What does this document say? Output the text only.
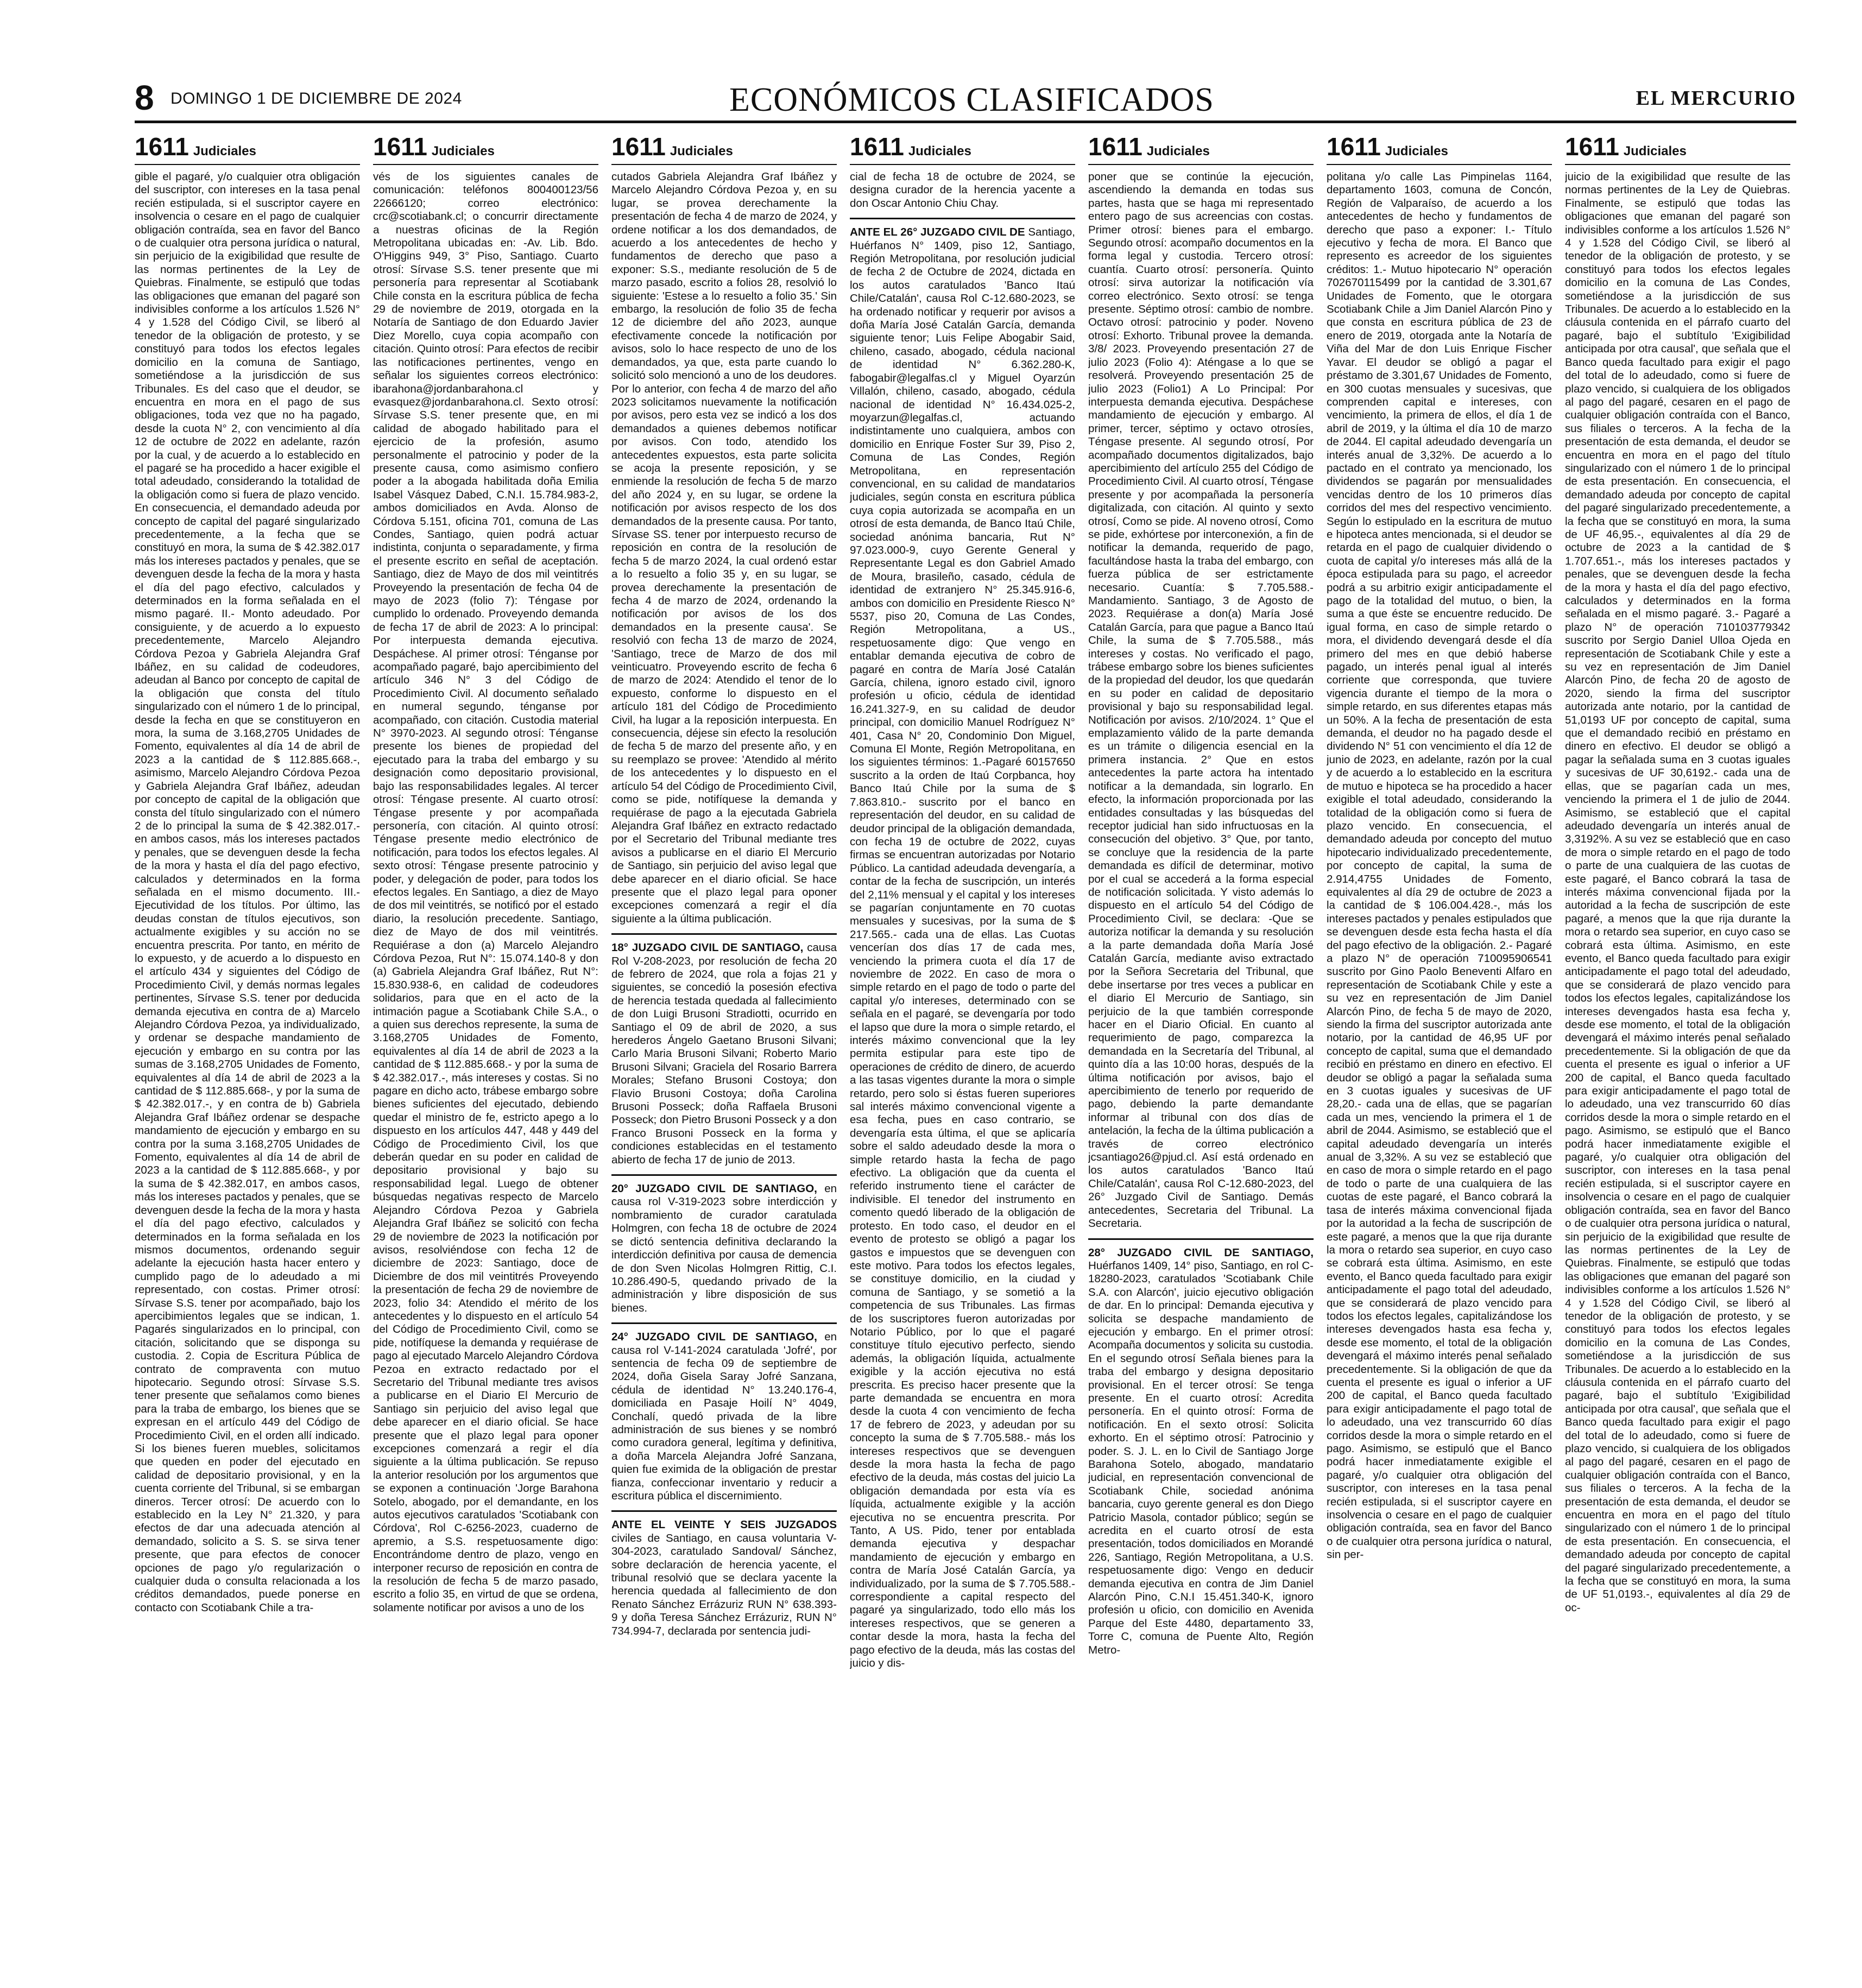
8 DOMINGO 1 DE DICIEMBRE DE 2024	ECONÓMICOS CLASIFICADOS	EL MERCURIO
1611 Judiciales

gible el pagaré, y/o cualquier otra obligación del suscriptor, con intereses en la tasa penal recién estipulada, si el suscriptor cayere en insolvencia o cesare en el pago de cualquier obligación contraída, sea en favor del Banco o de cualquier otra persona jurídica o natural, sin perjuicio de la exigibilidad que resulte de las normas pertinentes de la Ley de Quiebras. Finalmente, se estipuló que todas las obligaciones que emanan del pagaré son indivisibles conforme a los artículos 1.526 N° 4 y 1.528 del Código Civil, se liberó al tenedor de la obligación de protesto, y se constituyó para todos los efectos legales domicilio en la comuna de Santiago, sometiéndose a la jurisdicción de sus Tribunales. Es del caso que el deudor, se encuentra en mora en el pago de sus obligaciones, toda vez que no ha pagado, desde la cuota N° 2, con vencimiento al día 12 de octubre de 2022 en adelante, razón por la cual, y de acuerdo a lo establecido en el pagaré se ha procedido a hacer exigible el total adeudado, considerando la totalidad de la obligación como si fuera de plazo vencido. En consecuencia, el demandado adeuda por concepto de capital del pagaré singularizado precedentemente, a la fecha que se constituyó en mora, la suma de $ 42.382.017 más los intereses pactados y penales, que se devenguen desde la fecha de la mora y hasta el día del pago efectivo, calculados y determinados en la forma señalada en el mismo pagaré. II.- Monto adeudado. Por consiguiente, y de acuerdo a lo expuesto precedentemente, Marcelo Alejandro Córdova Pezoa y Gabriela Alejandra Graf Ibáñez, en su calidad de codeudores, adeudan al Banco por concepto de capital de la obligación que consta del título singularizado con el número 1 de lo principal, desde la fecha en que se constituyeron en mora, la suma de 3.168,2705 Unidades de Fomento, equivalentes al día 14 de abril de 2023 a la cantidad de $ 112.885.668.-, asimismo, Marcelo Alejandro Córdova Pezoa y Gabriela Alejandra Graf Ibáñez, adeudan por concepto de capital de la obligación que consta del título singularizado con el número 2 de lo principal la suma de $ 42.382.017.- en ambos casos, más los intereses pactados y penales, que se devenguen desde la fecha de la mora y hasta el día del pago efectivo, calculados y determinados en la forma señalada en el mismo documento. III.- Ejecutividad de los títulos. Por último, las deudas constan de títulos ejecutivos, son actualmente exigibles y su acción no se encuentra prescrita. Por tanto, en mérito de lo expuesto, y de acuerdo a lo dispuesto en el artículo 434 y siguientes del Código de Procedimiento Civil, y demás normas legales pertinentes, Sírvase S.S. tener por deducida demanda ejecutiva en contra de a) Marcelo Alejandro Córdova Pezoa, ya individualizado, y ordenar se despache mandamiento de ejecución y embargo en su contra por las sumas de 3.168,2705 Unidades de Fomento, equivalentes al día 14 de abril de 2023 a la cantidad de $ 112.885.668-, y por la suma de $ 42.382.017.-, y en contra de b) Gabriela Alejandra Graf Ibáñez ordenar se despache mandamiento de ejecución y embargo en su contra por la suma 3.168,2705 Unidades de Fomento, equivalentes al día 14 de abril de 2023 a la cantidad de $ 112.885.668-, y por la suma de $ 42.382.017, en ambos casos, más los intereses pactados y penales, que se devenguen desde la fecha de la mora y hasta el día del pago efectivo, calculados y determinados en la forma señalada en los mismos documentos, ordenando seguir adelante la ejecución hasta hacer entero y cumplido pago de lo adeudado a mi representado, con costas. Primer otrosí: Sírvase S.S. tener por acompañado, bajo los apercibimientos legales que se indican, 1. Pagarés singularizados en lo principal, con citación, solicitando que se disponga su custodia. 2. Copia de Escritura Pública de contrato de compraventa con mutuo hipotecario. Segundo otrosí: Sírvase S.S. tener presente que señalamos como bienes para la traba de embargo, los bienes que se expresan en el artículo 449 del Código de Procedimiento Civil, en el orden allí indicado. Si los bienes fueren muebles, solicitamos que queden en poder del ejecutado en calidad de depositario provisional, y en la cuenta corriente del Tribunal, si se embargan dineros. Tercer otrosí: De acuerdo con lo establecido en la Ley N° 21.320, y para efectos de dar una adecuada atención al demandado, solicito a S. S. se sirva tener presente, que para efectos de conocer opciones de pago y/o regularización o cualquier duda o consulta relacionada a los créditos demandados, puede ponerse en contacto con Scotiabank Chile a tra-

1611 Judiciales

vés de los siguientes canales de comunicación: teléfonos 800400123/56 22666120; correo electrónico: crc@scotiabank.cl; o concurrir directamente a nuestras oficinas de la Región Metropolitana ubicadas en: -Av. Lib. Bdo. O'Higgins 949, 3° Piso, Santiago. Cuarto otrosí: Sírvase S.S. tener presente que mi personería para representar al Scotiabank Chile consta en la escritura pública de fecha 29 de noviembre de 2019, otorgada en la Notaría de Santiago de don Eduardo Javier Diez Morello, cuya copia acompaño con citación. Quinto otrosí: Para efectos de recibir las notificaciones pertinentes, vengo en señalar los siguientes correos electrónico: ibarahona@jordanbarahona.cl y evasquez@jordanbarahona.cl. Sexto otrosí: Sírvase S.S. tener presente que, en mi calidad de abogado habilitado para el ejercicio de la profesión, asumo personalmente el patrocinio y poder de la presente causa, como asimismo confiero poder a la abogada habilitada doña Emilia Isabel Vásquez Dabed, C.N.I. 15.784.983-2, ambos domiciliados en Avda. Alonso de Córdova 5.151, oficina 701, comuna de Las Condes, Santiago, quien podrá actuar indistinta, conjunta o separadamente, y firma el presente escrito en señal de aceptación. Santiago, diez de Mayo de dos mil veintitrés Proveyendo la presentación de fecha 04 de mayo de 2023 (folio 7): Téngase por cumplido lo ordenado. Proveyendo demanda de fecha 17 de abril de 2023: A lo principal: Por interpuesta demanda ejecutiva. Despáchese. Al primer otrosí: Ténganse por acompañado pagaré, bajo apercibimiento del artículo 346 N° 3 del Código de Procedimiento Civil. Al documento señalado en numeral segundo, ténganse por acompañado, con citación. Custodia material N° 3970-2023. Al segundo otrosí: Ténganse presente los bienes de propiedad del ejecutado para la traba del embargo y su designación como depositario provisional, bajo las responsabilidades legales. Al tercer otrosí: Téngase presente. Al cuarto otrosí: Téngase presente y por acompañada personería, con citación. Al quinto otrosí: Téngase presente medio electrónico de notificación, para todos los efectos legales. Al sexto otrosí: Téngase presente patrocinio y poder, y delegación de poder, para todos los efectos legales. En Santiago, a diez de Mayo de dos mil veintitrés, se notificó por el estado diario, la resolución precedente. Santiago, diez de Mayo de dos mil veintitrés. Requiérase a don (a) Marcelo Alejandro Córdova Pezoa, Rut N°: 15.074.140-8 y don (a) Gabriela Alejandra Graf Ibáñez, Rut N°: 15.830.938-6, en calidad de codeudores solidarios, para que en el acto de la intimación pague a Scotiabank Chile S.A., o a quien sus derechos represente, la suma de 3.168,2705 Unidades de Fomento, equivalentes al día 14 de abril de 2023 a la cantidad de $ 112.885.668.- y por la suma de $ 42.382.017.-, más intereses y costas. Si no pagare en dicho acto, trábese embargo sobre bienes suficientes del ejecutado, debiendo quedar el ministro de fe, estricto apego a lo dispuesto en los artículos 447, 448 y 449 del Código de Procedimiento Civil, los que deberán quedar en su poder en calidad de depositario provisional y bajo su responsabilidad legal. Luego de obtener búsquedas negativas respecto de Marcelo Alejandro Córdova Pezoa y Gabriela Alejandra Graf Ibáñez se solicitó con fecha 29 de noviembre de 2023 la notificación por avisos, resolviéndose con fecha 12 de diciembre de 2023: Santiago, doce de Diciembre de dos mil veintitrés Proveyendo la presentación de fecha 29 de noviembre de 2023, folio 34: Atendido el mérito de los antecedentes y lo dispuesto en el artículo 54 del Código de Procedimiento Civil, como se pide, notifíquese la demanda y requiérase de pago al ejecutado Marcelo Alejandro Córdova Pezoa en extracto redactado por el Secretario del Tribunal mediante tres avisos a publicarse en el Diario El Mercurio de Santiago sin perjuicio del aviso legal que debe aparecer en el diario oficial. Se hace presente que el plazo legal para oponer excepciones comenzará a regir el día siguiente a la última publicación. Se repuso la anterior resolución por los argumentos que se exponen a continuación 'Jorge Barahona Sotelo, abogado, por el demandante, en los autos ejecutivos caratulados 'Scotiabank con Córdova', Rol C-6256-2023, cuaderno de apremio, a S.S. respetuosamente digo: Encontrándome dentro de plazo, vengo en interponer recurso de reposición en contra de la resolución de fecha 5 de marzo pasado, escrito a folio 35, en virtud de que se ordena, solamente notificar por avisos a uno de los

1611 Judiciales

cutados Gabriela Alejandra Graf Ibáñez y Marcelo Alejandro Córdova Pezoa y, en su lugar, se provea derechamente la presentación de fecha 4 de marzo de 2024, y ordene notificar a los dos demandados, de acuerdo a los antecedentes de hecho y fundamentos de derecho que paso a exponer: S.S., mediante resolución de 5 de marzo pasado, escrito a folios 28, resolvió lo siguiente: 'Estese a lo resuelto a folio 35.' Sin embargo, la resolución de folio 35 de fecha 12 de diciembre del año 2023, aunque efectivamente concede la notificación por avisos, solo lo hace respecto de uno de los demandados, ya que, esta parte cuando lo solicitó solo mencionó a uno de los deudores. Por lo anterior, con fecha 4 de marzo del año 2023 solicitamos nuevamente la notificación por avisos, pero esta vez se indicó a los dos demandados a quienes debemos notificar por avisos. Con todo, atendido los antecedentes expuestos, esta parte solicita se acoja la presente reposición, y se enmiende la resolución de fecha 5 de marzo del año 2024 y, en su lugar, se ordene la notificación por avisos respecto de los dos demandados de la presente causa. Por tanto, Sírvase SS. tener por interpuesto recurso de reposición en contra de la resolución de fecha 5 de marzo 2024, la cual ordenó estar a lo resuelto a folio 35 y, en su lugar, se provea derechamente la presentación de fecha 4 de marzo de 2024, ordenando la notificación por avisos de los dos demandados en la presente causa'. Se resolvió con fecha 13 de marzo de 2024, 'Santiago, trece de Marzo de dos mil veinticuatro. Proveyendo escrito de fecha 6 de marzo de 2024: Atendido el tenor de lo expuesto, conforme lo dispuesto en el artículo 181 del Código de Procedimiento Civil, ha lugar a la reposición interpuesta. En consecuencia, déjese sin efecto la resolución de fecha 5 de marzo del presente año, y en su reemplazo se provee: 'Atendido al mérito de los antecedentes y lo dispuesto en el artículo 54 del Código de Procedimiento Civil, como se pide, notifíquese la demanda y requiérase de pago a la ejecutada Gabriela Alejandra Graf Ibáñez en extracto redactado por el Secretario del Tribunal mediante tres avisos a publicarse en el diario El Mercurio de Santiago, sin perjuicio del aviso legal que debe aparecer en el diario oficial. Se hace presente que el plazo legal para oponer excepciones comenzará a regir el día siguiente a la última publicación.

18° JUZGADO CIVIL DE SANTIAGO, causa Rol V-208-2023, por resolución de fecha 20 de febrero de 2024, que rola a fojas 21 y siguientes, se concedió la posesión efectiva de herencia testada quedada al fallecimiento de don Luigi Brusoni Stradiotti, ocurrido en Santiago el 09 de abril de 2020, a sus herederos Ángelo Gaetano Brusoni Silvani; Carlo Maria Brusoni Silvani; Roberto Mario Brusoni Silvani; Graciela del Rosario Barrera Morales; Stefano Brusoni Costoya; don Flavio Brusoni Costoya; doña Carolina Brusoni Posseck; doña Raffaela Brusoni Posseck; don Pietro Brusoni Posseck y a don Franco Brusoni Posseck en la forma y condiciones establecidas en el testamento abierto de fecha 17 de junio de 2013.

20° JUZGADO CIVIL DE SANTIAGO, en causa rol V-319-2023 sobre interdicción y nombramiento de curador caratulada Holmgren, con fecha 18 de octubre de 2024 se dictó sentencia definitiva declarando la interdicción definitiva por causa de demencia de don Sven Nicolas Holmgren Rittig, C.I. 10.286.490-5, quedando privado de la administración y libre disposición de sus bienes.

24° JUZGADO CIVIL DE SANTIAGO, en causa rol V-141-2024 caratulada 'Jofré', por sentencia de fecha 09 de septiembre de 2024, doña Gisela Saray Jofré Sanzana, cédula de identidad N° 13.240.176-4, domiciliada en Pasaje Hoilí N° 4049, Conchalí, quedó privada de la libre administración de sus bienes y se nombró como curadora general, legítima y definitiva, a doña Marcela Alejandra Jofré Sanzana, quien fue eximida de la obligación de prestar fianza, confeccionar inventario y reducir a escritura pública el discernimiento.

ANTE EL VEINTE Y SEIS JUZGADOS civiles de Santiago, en causa voluntaria V-304-2023, caratulado Sandoval/ Sánchez, sobre declaración de herencia yacente, el tribunal resolvió que se declara yacente la herencia quedada al fallecimiento de don Renato Sánchez Errázuriz RUN N° 638.393-9 y doña Teresa Sánchez Errázuriz, RUN N° 734.994-7, declarada por sentencia judi-

1611 Judiciales

cial de fecha 18 de octubre de 2024, se designa curador de la herencia yacente a don Oscar Antonio Chiu Chay.

ANTE EL 26° JUZGADO CIVIL DE Santiago, Huérfanos N° 1409, piso 12, Santiago, Región Metropolitana, por resolución judicial de fecha 2 de Octubre de 2024, dictada en los autos caratulados 'Banco Itaú Chile/Catalán', causa Rol C-12.680-2023, se ha ordenado notificar y requerir por avisos a doña María José Catalán García, demanda siguiente tenor; Luis Felipe Abogabir Said, chileno, casado, abogado, cédula nacional de identidad N° 6.362.280-K, fabogabir@legalfas.cl y Miguel Oyarzún Villalón, chileno, casado, abogado, cédula nacional de identidad N° 16.434.025-2, moyarzun@legalfas.cl, actuando indistintamente uno cualquiera, ambos con domicilio en Enrique Foster Sur 39, Piso 2, Comuna de Las Condes, Región Metropolitana, en representación convencional, en su calidad de mandatarios judiciales, según consta en escritura pública cuya copia autorizada se acompaña en un otrosí de esta demanda, de Banco Itaú Chile, sociedad anónima bancaria, Rut N° 97.023.000-9, cuyo Gerente General y Representante Legal es don Gabriel Amado de Moura, brasileño, casado, cédula de identidad de extranjero N° 25.345.916-6, ambos con domicilio en Presidente Riesco N° 5537, piso 20, Comuna de Las Condes, Región Metropolitana, a US., respetuosamente digo: Que vengo en entablar demanda ejecutiva de cobro de pagaré en contra de María José Catalán García, chilena, ignoro estado civil, ignoro profesión u oficio, cédula de identidad 16.241.327-9, en su calidad de deudor principal, con domicilio Manuel Rodríguez N° 401, Casa N° 20, Condominio Don Miguel, Comuna El Monte, Región Metropolitana, en los siguientes términos: 1.-Pagaré 60157650 suscrito a la orden de Itaú Corpbanca, hoy Banco Itaú Chile por la suma de $ 7.863.810.- suscrito por el banco en representación del deudor, en su calidad de deudor principal de la obligación demandada, con fecha 19 de octubre de 2022, cuyas firmas se encuentran autorizadas por Notario Público. La cantidad adeudada devengaría, a contar de la fecha de suscripción, un interés del 2,11% mensual y el capital y los intereses se pagarían conjuntamente en 70 cuotas mensuales y sucesivas, por la suma de $ 217.565.- cada una de ellas. Las Cuotas vencerían dos días 17 de cada mes, venciendo la primera cuota el día 17 de noviembre de 2022. En caso de mora o simple retardo en el pago de todo o parte del capital y/o intereses, determinado con se señala en el pagaré, se devengaría por todo el lapso que dure la mora o simple retardo, el interés máximo convencional que la ley permita estipular para este tipo de operaciones de crédito de dinero, de acuerdo a las tasas vigentes durante la mora o simple retardo, pero solo si éstas fueren superiores sal interés máximo convencional vigente a esa fecha, pues en caso contrario, se devengaría esta última, el que se aplicaría sobre el saldo adeudado desde la mora o simple retardo hasta la fecha de pago efectivo. La obligación que da cuenta el referido instrumento tiene el carácter de indivisible. El tenedor del instrumento en comento quedó liberado de la obligación de protesto. En todo caso, el deudor en el evento de protesto se obligó a pagar los gastos e impuestos que se devenguen con este motivo. Para todos los efectos legales, se constituye domicilio, en la ciudad y comuna de Santiago, y se sometió a la competencia de sus Tribunales. Las firmas de los suscriptores fueron autorizadas por Notario Público, por lo que el pagaré constituye título ejecutivo perfecto, siendo además, la obligación líquida, actualmente exigible y la acción ejecutiva no está prescrita. Es preciso hacer presente que la parte demandada se encuentra en mora desde la cuota 4 con vencimiento de fecha 17 de febrero de 2023, y adeudan por su concepto la suma de $ 7.705.588.- más los intereses respectivos que se devenguen desde la mora hasta la fecha de pago efectivo de la deuda, más costas del juicio La obligación demandada por esta vía es líquida, actualmente exigible y la acción ejecutiva no se encuentra prescrita. Por Tanto, A US. Pido, tener por entablada demanda ejecutiva y despachar mandamiento de ejecución y embargo en contra de María José Catalán García, ya individualizado, por la suma de $ 7.705.588.- correspondiente a capital respecto del pagaré ya singularizado, todo ello más los intereses respectivos, que se generen a contar desde la mora, hasta la fecha del pago efectivo de la deuda, más las costas del juicio y dis-

1611 Judiciales

poner que se continúe la ejecución, ascendiendo la demanda en todas sus partes, hasta que se haga mi representado entero pago de sus acreencias con costas. Primer otrosí: bienes para el embargo. Segundo otrosí: acompaño documentos en la forma legal y custodia. Tercero otrosí: cuantía. Cuarto otrosí: personería. Quinto otrosí: sirva autorizar la notificación vía correo electrónico. Sexto otrosí: se tenga presente. Séptimo otrosí: cambio de nombre. Octavo otrosí: patrocinio y poder. Noveno otrosí: Exhorto. Tribunal provee la demanda. 3/8/ 2023. Proveyendo presentación 27 de julio 2023 (Folio 4): Aténgase a lo que se resolverá. Proveyendo presentación 25 de julio 2023 (Folio1) A Lo Principal: Por interpuesta demanda ejecutiva. Despáchese mandamiento de ejecución y embargo. Al primer, tercer, séptimo y octavo otrosíes, Téngase presente. Al segundo otrosí, Por acompañado documentos digitalizados, bajo apercibimiento del artículo 255 del Código de Procedimiento Civil. Al cuarto otrosí, Téngase presente y por acompañada la personería digitalizada, con citación. Al quinto y sexto otrosí, Como se pide. Al noveno otrosí, Como se pide, exhórtese por interconexión, a fin de notificar la demanda, requerido de pago, facultándose hasta la traba del embargo, con fuerza pública de ser estrictamente necesario. Cuantía: $ 7.705.588.- Mandamiento. Santiago, 3 de Agosto de 2023. Requiérase a don(a) María José Catalán García, para que pague a Banco Itaú Chile, la suma de $ 7.705.588., más intereses y costas. No verificado el pago, trábese embargo sobre los bienes suficientes de la propiedad del deudor, los que quedarán en su poder en calidad de depositario provisional y bajo su responsabilidad legal. Notificación por avisos. 2/10/2024. 1° Que el emplazamiento válido de la parte demanda es un trámite o diligencia esencial en la primera instancia. 2° Que en estos antecedentes la parte actora ha intentado notificar a la demandada, sin lograrlo. En efecto, la información proporcionada por las entidades consultadas y las búsquedas del receptor judicial han sido infructuosas en la consecución del objetivo. 3° Que, por tanto, se concluye que la residencia de la parte demandada es difícil de determinar, motivo por el cual se accederá a la forma especial de notificación solicitada. Y visto además lo dispuesto en el artículo 54 del Código de Procedimiento Civil, se declara: -Que se autoriza notificar la demanda y su resolución a la parte demandada doña María José Catalán García, mediante aviso extractado por la Señora Secretaria del Tribunal, que debe insertarse por tres veces a publicar en el diario El Mercurio de Santiago, sin perjuicio de la que también corresponde hacer en el Diario Oficial. En cuanto al requerimiento de pago, comparezca la demandada en la Secretaría del Tribunal, al quinto día a las 10:00 horas, después de la última notificación por avisos, bajo el apercibimiento de tenerlo por requerido de pago, debiendo la parte demandante informar al tribunal con dos días de antelación, la fecha de la última publicación a través de correo electrónico jcsantiago26@pjud.cl. Así está ordenado en los autos caratulados 'Banco Itaú Chile/Catalán', causa Rol C-12.680-2023, del 26° Juzgado Civil de Santiago. Demás antecedentes, Secretaria del Tribunal. La Secretaria.

28° JUZGADO CIVIL DE SANTIAGO, Huérfanos 1409, 14° piso, Santiago, en rol C-18280-2023, caratulados 'Scotiabank Chile S.A. con Alarcón', juicio ejecutivo obligación de dar. En lo principal: Demanda ejecutiva y solicita se despache mandamiento de ejecución y embargo. En el primer otrosí: Acompaña documentos y solicita su custodia. En el segundo otrosí Señala bienes para la traba del embargo y designa depositario provisional. En el tercer otrosí: Se tenga presente. En el cuarto otrosí: Acredita personería. En el quinto otrosí: Forma de notificación. En el sexto otrosí: Solicita exhorto. En el séptimo otrosí: Patrocinio y poder. S. J. L. en lo Civil de Santiago Jorge Barahona Sotelo, abogado, mandatario judicial, en representación convencional de Scotiabank Chile, sociedad anónima bancaria, cuyo gerente general es don Diego Patricio Masola, contador público; según se acredita en el cuarto otrosí de esta presentación, todos domiciliados en Morandé 226, Santiago, Región Metropolitana, a U.S. respetuosamente digo: Vengo en deducir demanda ejecutiva en contra de Jim Daniel Alarcón Pino, C.N.I 15.451.340-K, ignoro profesión u oficio, con domicilio en Avenida Parque del Este 4480, departamento 33, Torre C, comuna de Puente Alto, Región Metro-

1611 Judiciales

politana y/o calle Las Pimpinelas 1164, departamento 1603, comuna de Concón, Región de Valparaíso, de acuerdo a los antecedentes de hecho y fundamentos de derecho que paso a exponer: I.- Título ejecutivo y fecha de mora. El Banco que represento es acreedor de los siguientes créditos: 1.- Mutuo hipotecario N° operación 702670115499 por la cantidad de 3.301,67 Unidades de Fomento, que le otorgara Scotiabank Chile a Jim Daniel Alarcón Pino y que consta en escritura pública de 23 de enero de 2019, otorgada ante la Notaría de Viña del Mar de don Luis Enrique Fischer Yavar. El deudor se obligó a pagar el préstamo de 3.301,67 Unidades de Fomento, en 300 cuotas mensuales y sucesivas, que comprenden capital e intereses, con vencimiento, la primera de ellos, el día 1 de abril de 2019, y la última el día 10 de marzo de 2044. El capital adeudado devengaría un interés anual de 3,32%. De acuerdo a lo pactado en el contrato ya mencionado, los dividendos se pagarán por mensualidades vencidas dentro de los 10 primeros días corridos del mes del respectivo vencimiento. Según lo estipulado en la escritura de mutuo e hipoteca antes mencionada, si el deudor se retarda en el pago de cualquier dividendo o cuota de capital y/o intereses más allá de la época estipulada para su pago, el acreedor podrá a su arbitrio exigir anticipadamente el pago de la totalidad del mutuo, o bien, la suma a que éste se encuentre reducido. De igual forma, en caso de simple retardo o mora, el dividendo devengará desde el día primero del mes en que debió haberse pagado, un interés penal igual al interés corriente que corresponda, que tuviere vigencia durante el tiempo de la mora o simple retardo, en sus diferentes etapas más un 50%. A la fecha de presentación de esta demanda, el deudor no ha pagado desde el dividendo N° 51 con vencimiento el día 12 de junio de 2023, en adelante, razón por la cual y de acuerdo a lo establecido en la escritura de mutuo e hipoteca se ha procedido a hacer exigible el total adeudado, considerando la totalidad de la obligación como si fuera de plazo vencido. En consecuencia, el demandado adeuda por concepto del mutuo hipotecario individualizado precedentemente, por concepto de capital, la suma de 2.914,4755 Unidades de Fomento, equivalentes al día 29 de octubre de 2023 a la cantidad de $ 106.004.428.-, más los intereses pactados y penales estipulados que se devenguen desde esta fecha hasta el día del pago efectivo de la obligación. 2.- Pagaré a plazo N° de operación 710095906541 suscrito por Gino Paolo Beneventi Alfaro en representación de Scotiabank Chile y este a su vez en representación de Jim Daniel Alarcón Pino, de fecha 5 de mayo de 2020, siendo la firma del suscriptor autorizada ante notario, por la cantidad de 46,95 UF por concepto de capital, suma que el demandado recibió en préstamo en dinero en efectivo. El deudor se obligó a pagar la señalada suma en 3 cuotas iguales y sucesivas de UF 28,20.- cada una de ellas, que se pagarían cada un mes, venciendo la primera el 1 de abril de 2044. Asimismo, se estableció que el capital adeudado devengaría un interés anual de 3,32%. A su vez se estableció que en caso de mora o simple retardo en el pago de todo o parte de una cualquiera de las cuotas de este pagaré, el Banco cobrará la tasa de interés máxima convencional fijada por la autoridad a la fecha de suscripción de este pagaré, a menos que la que rija durante la mora o retardo sea superior, en cuyo caso se cobrará esta última. Asimismo, en este evento, el Banco queda facultado para exigir anticipadamente el pago total del adeudado, que se considerará de plazo vencido para todos los efectos legales, capitalizándose los intereses devengados hasta esa fecha y, desde ese momento, el total de la obligación devengará el máximo interés penal señalado precedentemente. Si la obligación de que da cuenta el presente es igual o inferior a UF 200 de capital, el Banco queda facultado para exigir anticipadamente el pago total de lo adeudado, una vez transcurrido 60 días corridos desde la mora o simple retardo en el pago. Asimismo, se estipuló que el Banco podrá hacer inmediatamente exigible el pagaré, y/o cualquier otra obligación del suscriptor, con intereses en la tasa penal recién estipulada, si el suscriptor cayere en insolvencia o cesare en el pago de cualquier obligación contraída, sea en favor del Banco o de cualquier otra persona jurídica o natural, sin per-

1611 Judiciales

juicio de la exigibilidad que resulte de las normas pertinentes de la Ley de Quiebras. Finalmente, se estipuló que todas las obligaciones que emanan del pagaré son indivisibles conforme a los artículos 1.526 N° 4 y 1.528 del Código Civil, se liberó al tenedor de la obligación de protesto, y se constituyó para todos los efectos legales domicilio en la comuna de Las Condes, sometiéndose a la jurisdicción de sus Tribunales. De acuerdo a lo establecido en la cláusula contenida en el párrafo cuarto del pagaré, bajo el subtítulo 'Exigibilidad anticipada por otra causal', que señala que el Banco queda facultado para exigir el pago del total de lo adeudado, como si fuere de plazo vencido, si cualquiera de los obligados al pago del pagaré, cesaren en el pago de cualquier obligación contraída con el Banco, sus filiales o terceros. A la fecha de la presentación de esta demanda, el deudor se encuentra en mora en el pago del título singularizado con el número 1 de lo principal de esta presentación. En consecuencia, el demandado adeuda por concepto de capital del pagaré singularizado precedentemente, a la fecha que se constituyó en mora, la suma de UF 46,95.-, equivalentes al día 29 de octubre de 2023 a la cantidad de $ 1.707.651.-, más los intereses pactados y penales, que se devenguen desde la fecha de la mora y hasta el día del pago efectivo, calculados y determinados en la forma señalada en el mismo pagaré. 3.- Pagaré a plazo N° de operación 710103779342 suscrito por Sergio Daniel Ulloa Ojeda en representación de Scotiabank Chile y este a su vez en representación de Jim Daniel Alarcón Pino, de fecha 20 de agosto de 2020, siendo la firma del suscriptor autorizada ante notario, por la cantidad de 51,0193 UF por concepto de capital, suma que el demandado recibió en préstamo en dinero en efectivo. El deudor se obligó a pagar la señalada suma en 3 cuotas iguales y sucesivas de UF 30,6192.- cada una de ellas, que se pagarían cada un mes, venciendo la primera el 1 de julio de 2044. Asimismo, se estableció que el capital adeudado devengaría un interés anual de 3,3192%. A su vez se estableció que en caso de mora o simple retardo en el pago de todo o parte de una cualquiera de las cuotas de este pagaré, el Banco cobrará la tasa de interés máxima convencional fijada por la autoridad a la fecha de suscripción de este pagaré, a menos que la que rija durante la mora o retardo sea superior, en cuyo caso se cobrará esta última. Asimismo, en este evento, el Banco queda facultado para exigir anticipadamente el pago total del adeudado, que se considerará de plazo vencido para todos los efectos legales, capitalizándose los intereses devengados hasta esa fecha y, desde ese momento, el total de la obligación devengará el máximo interés penal señalado precedentemente. Si la obligación de que da cuenta el presente es igual o inferior a UF 200 de capital, el Banco queda facultado para exigir anticipadamente el pago total de lo adeudado, una vez transcurrido 60 días corridos desde la mora o simple retardo en el pago. Asimismo, se estipuló que el Banco podrá hacer inmediatamente exigible el pagaré, y/o cualquier otra obligación del suscriptor, con intereses en la tasa penal recién estipulada, si el suscriptor cayere en insolvencia o cesare en el pago de cualquier obligación contraída, sea en favor del Banco o de cualquier otra persona jurídica o natural, sin perjuicio de la exigibilidad que resulte de las normas pertinentes de la Ley de Quiebras. Finalmente, se estipuló que todas las obligaciones que emanan del pagaré son indivisibles conforme a los artículos 1.526 N° 4 y 1.528 del Código Civil, se liberó al tenedor de la obligación de protesto, y se constituyó para todos los efectos legales domicilio en la comuna de Las Condes, sometiéndose a la jurisdicción de sus Tribunales. De acuerdo a lo establecido en la cláusula contenida en el párrafo cuarto del pagaré, bajo el subtítulo 'Exigibilidad anticipada por otra causal', que señala que el Banco queda facultado para exigir el pago del total de lo adeudado, como si fuere de plazo vencido, si cualquiera de los obligados al pago del pagaré, cesaren en el pago de cualquier obligación contraída con el Banco, sus filiales o terceros. A la fecha de la presentación de esta demanda, el deudor se encuentra en mora en el pago del título singularizado con el número 1 de lo principal de esta presentación. En consecuencia, el demandado adeuda por concepto de capital del pagaré singularizado precedentemente, a la fecha que se constituyó en mora, la suma de UF 51,0193.-, equivalentes al día 29 de oc-
